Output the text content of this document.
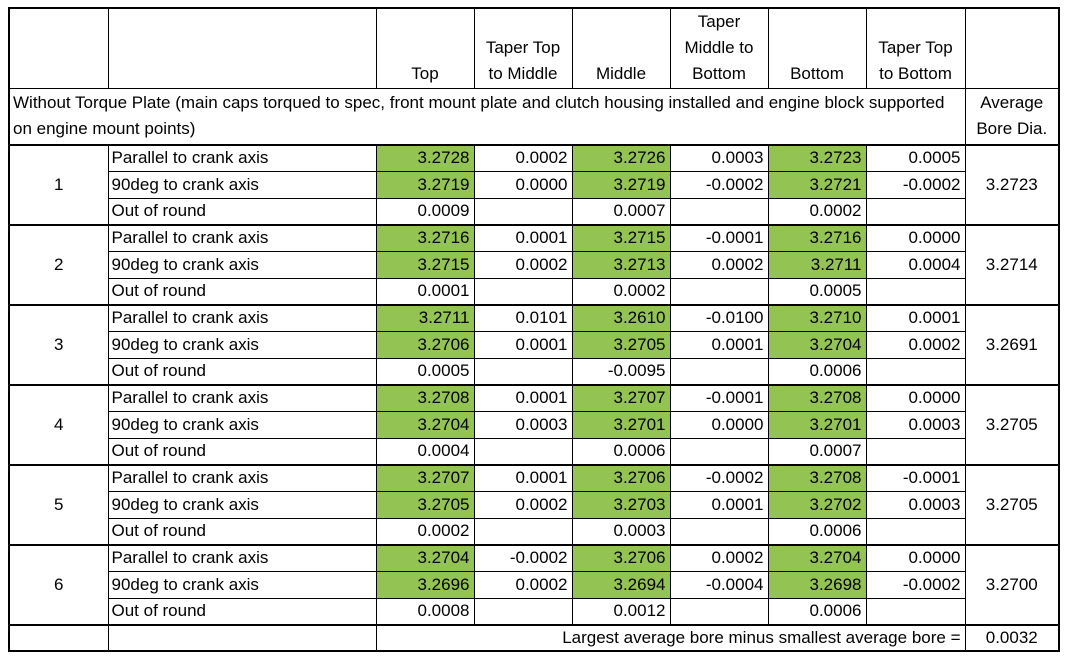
		Top	Taper Top to Middle	Middle	Taper Middle to Bottom	Bottom	Taper Top to Bottom	
Without Torque Plate (main caps torqued to spec, front mount plate and clutch housing installed and engine block supported on engine mount points)								Average Bore Dia.
1	Parallel to crank axis	3.2728	0.0002	3.2726	0.0003	3.2723	0.0005	3.2723
	90deg to crank axis	3.2719	0.0000	3.2719	-0.0002	3.2721	-0.0002	
	Out of round	0.0009		0.0007		0.0002		
2	Parallel to crank axis	3.2716	0.0001	3.2715	-0.0001	3.2716	0.0000	3.2714
	90deg to crank axis	3.2715	0.0002	3.2713	0.0002	3.2711	0.0004	
	Out of round	0.0001		0.0002		0.0005		
3	Parallel to crank axis	3.2711	0.0101	3.2610	-0.0100	3.2710	0.0001	3.2691
	90deg to crank axis	3.2706	0.0001	3.2705	0.0001	3.2704	0.0002	
	Out of round	0.0005		-0.0095		0.0006		
4	Parallel to crank axis	3.2708	0.0001	3.2707	-0.0001	3.2708	0.0000	3.2705
	90deg to crank axis	3.2704	0.0003	3.2701	0.0000	3.2701	0.0003	
	Out of round	0.0004		0.0006		0.0007		
5	Parallel to crank axis	3.2707	0.0001	3.2706	-0.0002	3.2708	-0.0001	3.2705
	90deg to crank axis	3.2705	0.0002	3.2703	0.0001	3.2702	0.0003	
	Out of round	0.0002		0.0003		0.0006		
6	Parallel to crank axis	3.2704	-0.0002	3.2706	0.0002	3.2704	0.0000	3.2700
	90deg to crank axis	3.2696	0.0002	3.2694	-0.0004	3.2698	-0.0002	
	Out of round	0.0008		0.0012		0.0006		
		Largest average bore minus smallest average bore =						0.0032
